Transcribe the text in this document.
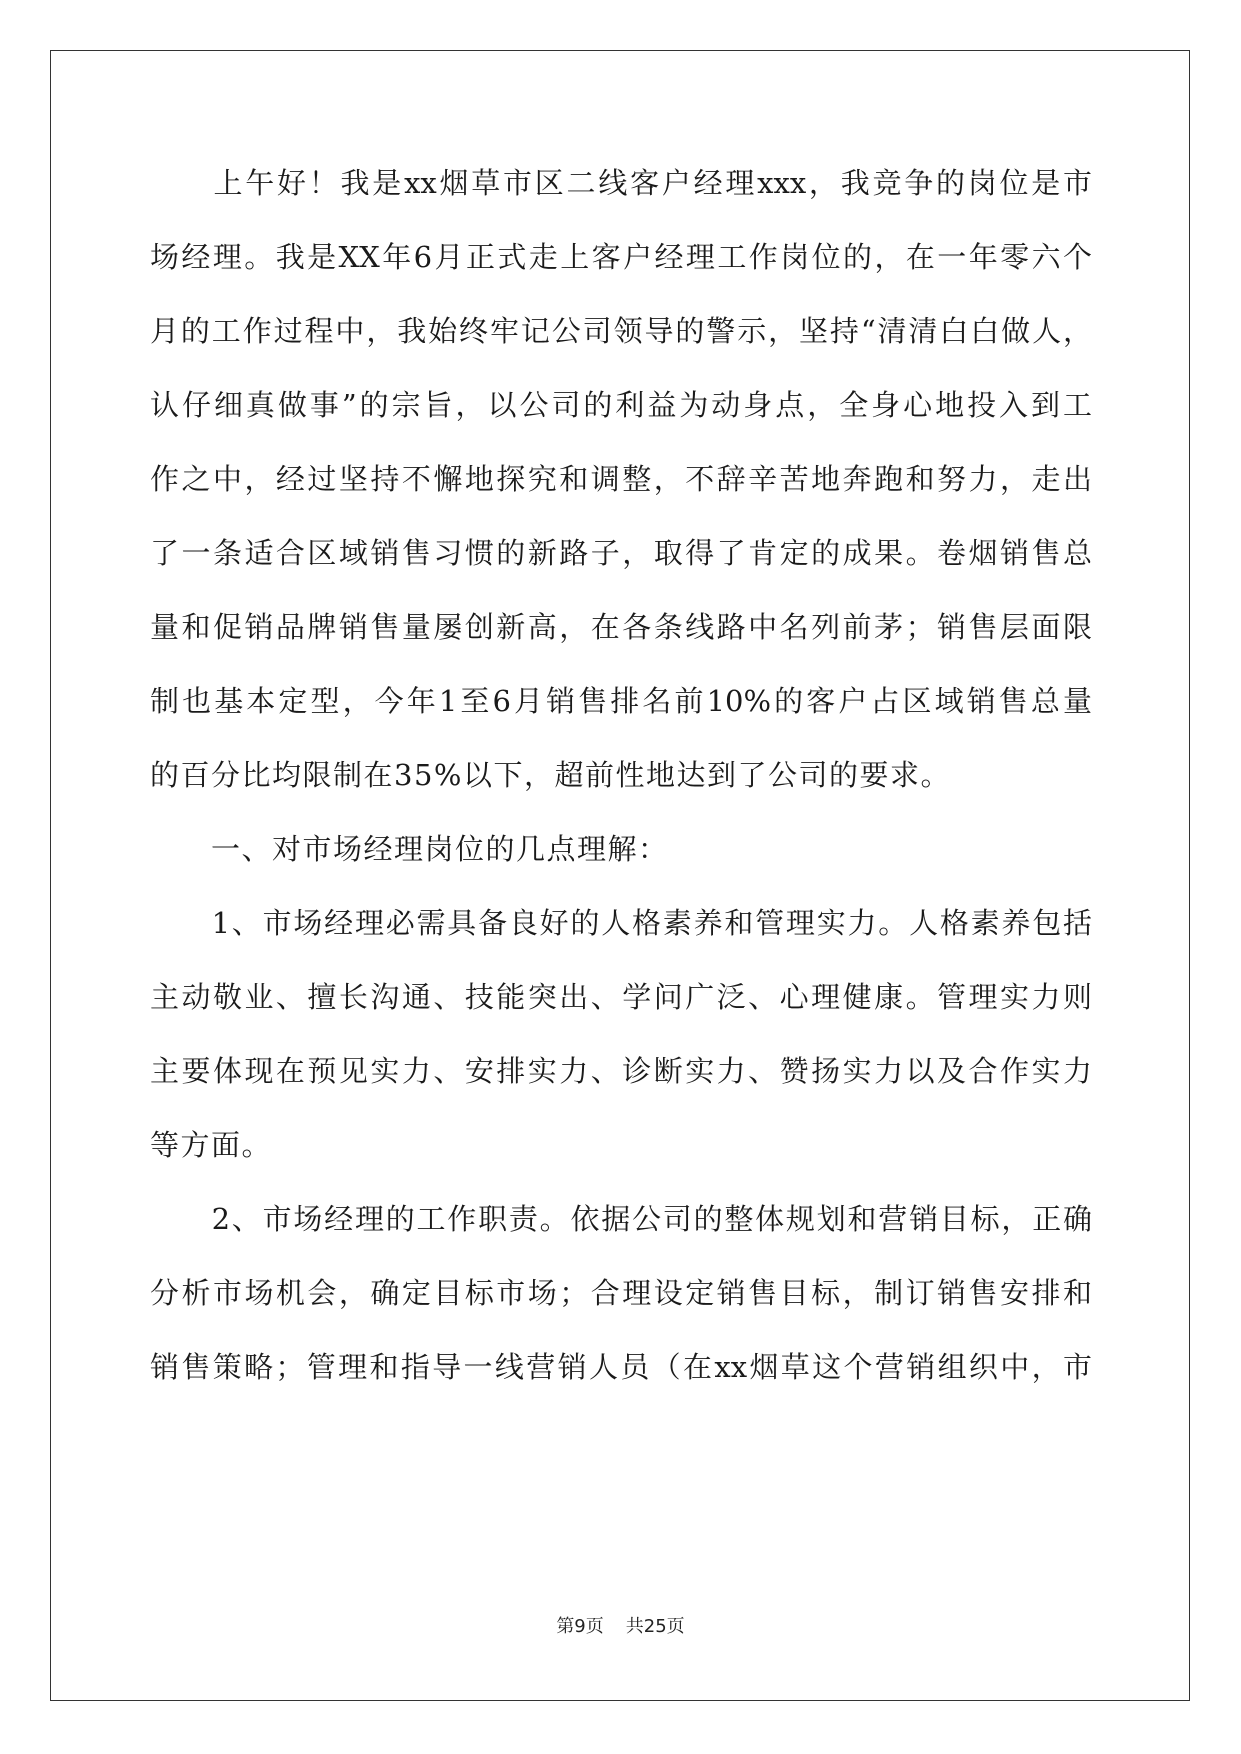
　　上午好！我是xx烟草市区二线客户经理xxx，我竞争的岗位是市
场经理。我是XX年6月正式走上客户经理工作岗位的，在一年零六个
月的工作过程中，我始终牢记公司领导的警示，坚持“清清白白做人，
认仔细真做事”的宗旨，以公司的利益为动身点，全身心地投入到工
作之中，经过坚持不懈地探究和调整，不辞辛苦地奔跑和努力，走出
了一条适合区域销售习惯的新路子，取得了肯定的成果。卷烟销售总
量和促销品牌销售量屡创新高，在各条线路中名列前茅；销售层面限
制也基本定型，今年1至6月销售排名前10%的客户占区域销售总量
的百分比均限制在35%以下，超前性地达到了公司的要求。
　　一、对市场经理岗位的几点理解：
　　1、市场经理必需具备良好的人格素养和管理实力。人格素养包括
主动敬业、擅长沟通、技能突出、学问广泛、心理健康。管理实力则
主要体现在预见实力、安排实力、诊断实力、赞扬实力以及合作实力
等方面。
　　2、市场经理的工作职责。依据公司的整体规划和营销目标，正确
分析市场机会，确定目标市场；合理设定销售目标，制订销售安排和
销售策略；管理和指导一线营销人员（在xx烟草这个营销组织中，市
第9页 共25页
